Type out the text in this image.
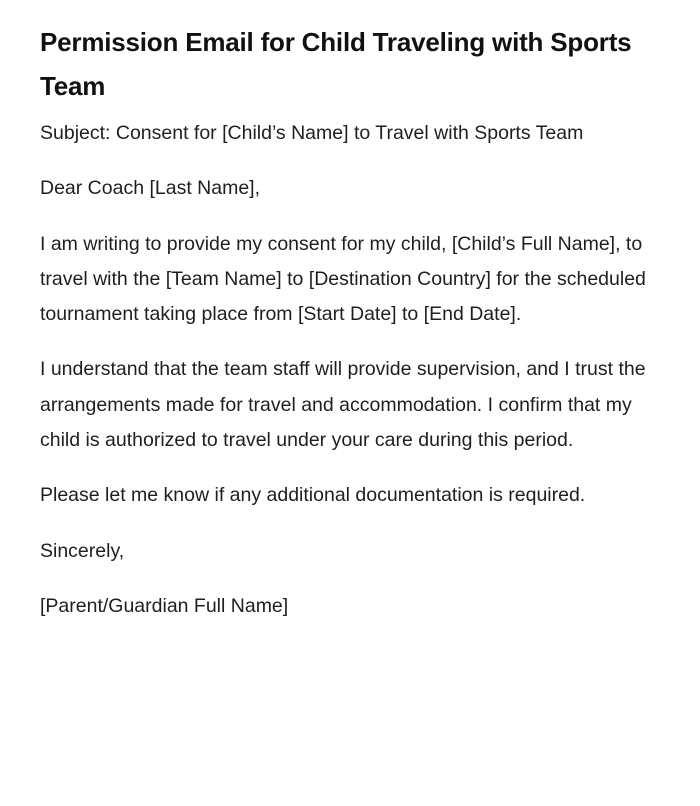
Permission Email for Child Traveling with Sports Team

Subject: Consent for [Child’s Name] to Travel with Sports Team

Dear Coach [Last Name],

I am writing to provide my consent for my child, [Child’s Full Name], to travel with the [Team Name] to [Destination Country] for the scheduled tournament taking place from [Start Date] to [End Date].

I understand that the team staff will provide supervision, and I trust the arrangements made for travel and accommodation. I confirm that my child is authorized to travel under your care during this period.

Please let me know if any additional documentation is required.

Sincerely,

[Parent/Guardian Full Name]
